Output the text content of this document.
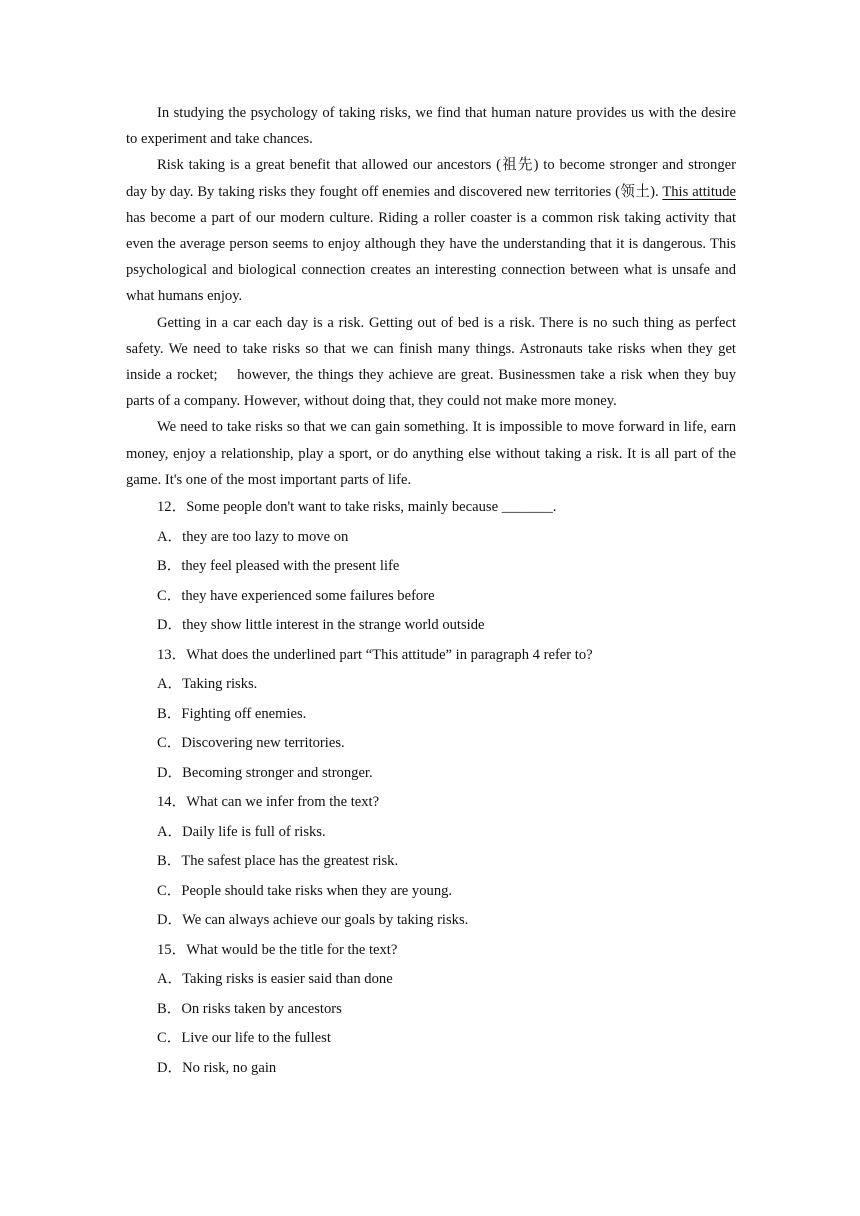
In studying the psychology of taking risks, we find that human nature provides us with the desire to experiment and take chances.

Risk taking is a great benefit that allowed our ancestors (祖先) to become stronger and stronger day by day. By taking risks they fought off enemies and discovered new territories (领土). This attitude has become a part of our modern culture. Riding a roller coaster is a common risk taking activity that even the average person seems to enjoy although they have the understanding that it is dangerous. This psychological and biological connection creates an interesting connection between what is unsafe and what humans enjoy.

Getting in a car each day is a risk. Getting out of bed is a risk. There is no such thing as perfect safety. We need to take risks so that we can finish many things. Astronauts take risks when they get inside a rocket;    however, the things they achieve are great. Businessmen take a risk when they buy parts of a company. However, without doing that, they could not make more money.

We need to take risks so that we can gain something. It is impossible to move forward in life, earn money, enjoy a relationship, play a sport, or do anything else without taking a risk. It is all part of the game. It's one of the most important parts of life.

12．Some people don't want to take risks, mainly because _______.

A．they are too lazy to move on

B．they feel pleased with the present life

C．they have experienced some failures before

D．they show little interest in the strange world outside

13．What does the underlined part “This attitude” in paragraph 4 refer to?

A．Taking risks.

B．Fighting off enemies.

C．Discovering new territories.

D．Becoming stronger and stronger.

14．What can we infer from the text?

A．Daily life is full of risks.

B．The safest place has the greatest risk.

C．People should take risks when they are young.

D．We can always achieve our goals by taking risks.

15．What would be the title for the text?

A．Taking risks is easier said than done

B．On risks taken by ancestors

C．Live our life to the fullest

D．No risk, no gain
